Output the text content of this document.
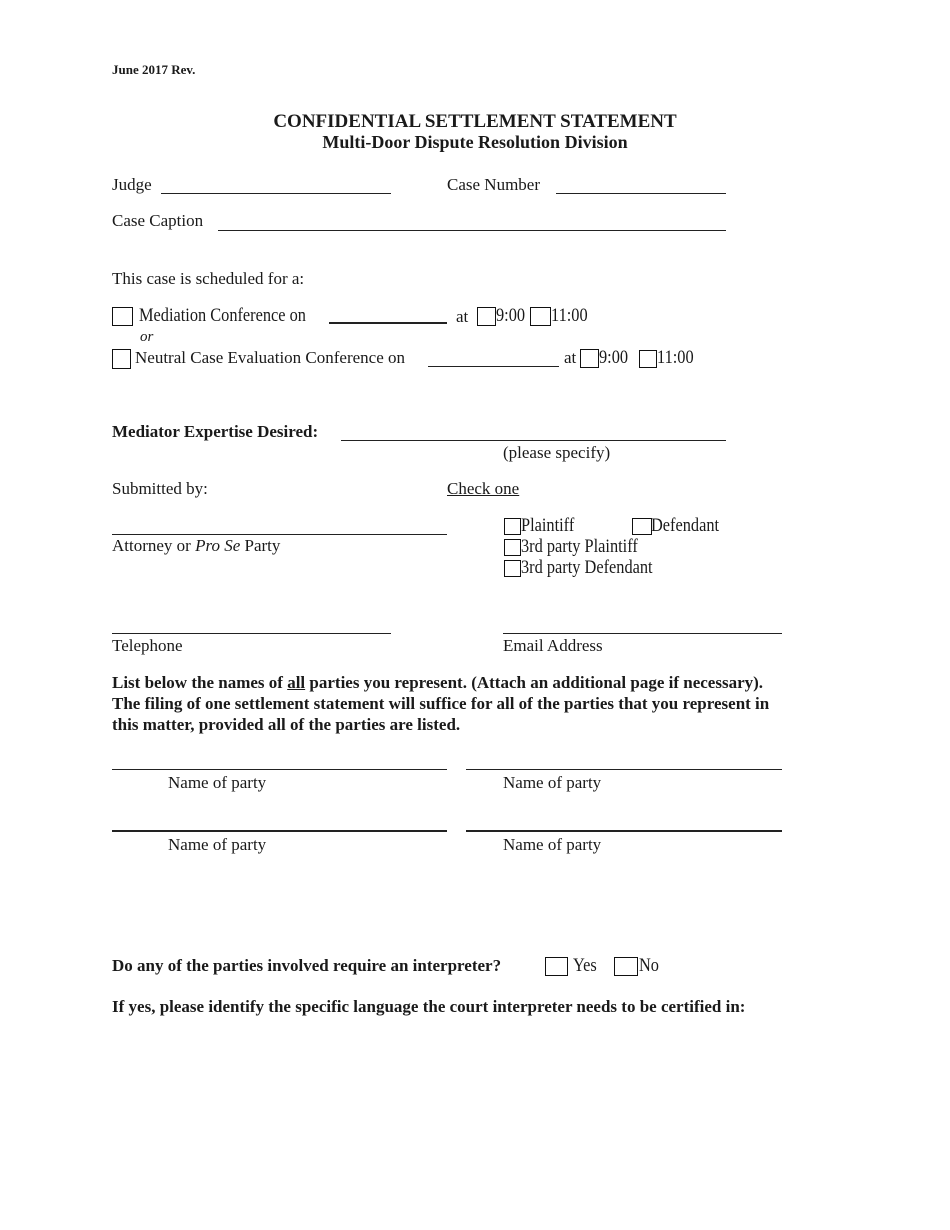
June 2017 Rev.
CONFIDENTIAL SETTLEMENT STATEMENT
Multi-Door Dispute Resolution Division
Judge	Case Number
Case Caption
This case is scheduled for a:
Mediation Conference on	at 9:00 11:00
or
Neutral Case Evaluation Conference on	at 9:00 11:00
Mediator Expertise Desired:
(please specify)
Submitted by:	Check one
Attorney or Pro Se Party
Plaintiff	Defendant
3rd party Plaintiff
3rd party Defendant
Telephone	Email Address
List below the names of all parties you represent. (Attach an additional page if necessary).
The filing of one settlement statement will suffice for all of the parties that you represent in
this matter, provided all of the parties are listed.
Name of party	Name of party
Name of party	Name of party
Do any of the parties involved require an interpreter?	Yes No
If yes, please identify the specific language the court interpreter needs to be certified in:
